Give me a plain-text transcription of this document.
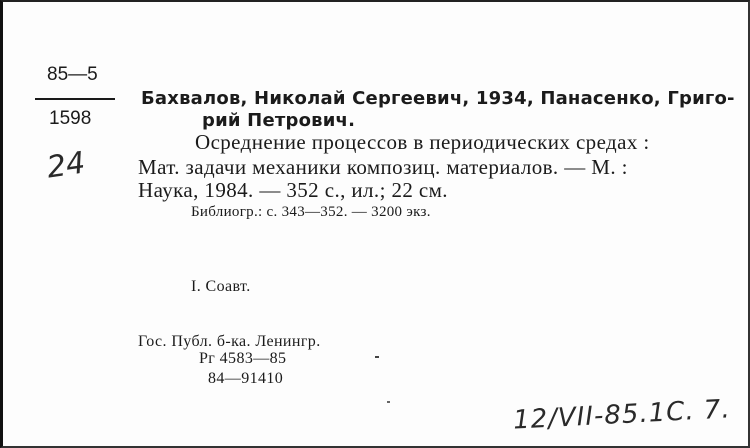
85—5
1598
24
Бахвалов, Николай Сергеевич, 1934, Панасенко, Григо-
рий Петрович.
Осреднение процессов в периодических средах :
Мат. задачи механики композиц. материалов. — М. :
Наука, 1984. — 352 с., ил.; 22 см.
Библиогр.: с. 343—352. — 3200 экз.
I. Соавт.
Гос. Публ. б-ка. Ленингр.
Рг 4583—85
84—91410
12/VII-85.1C. 7.
